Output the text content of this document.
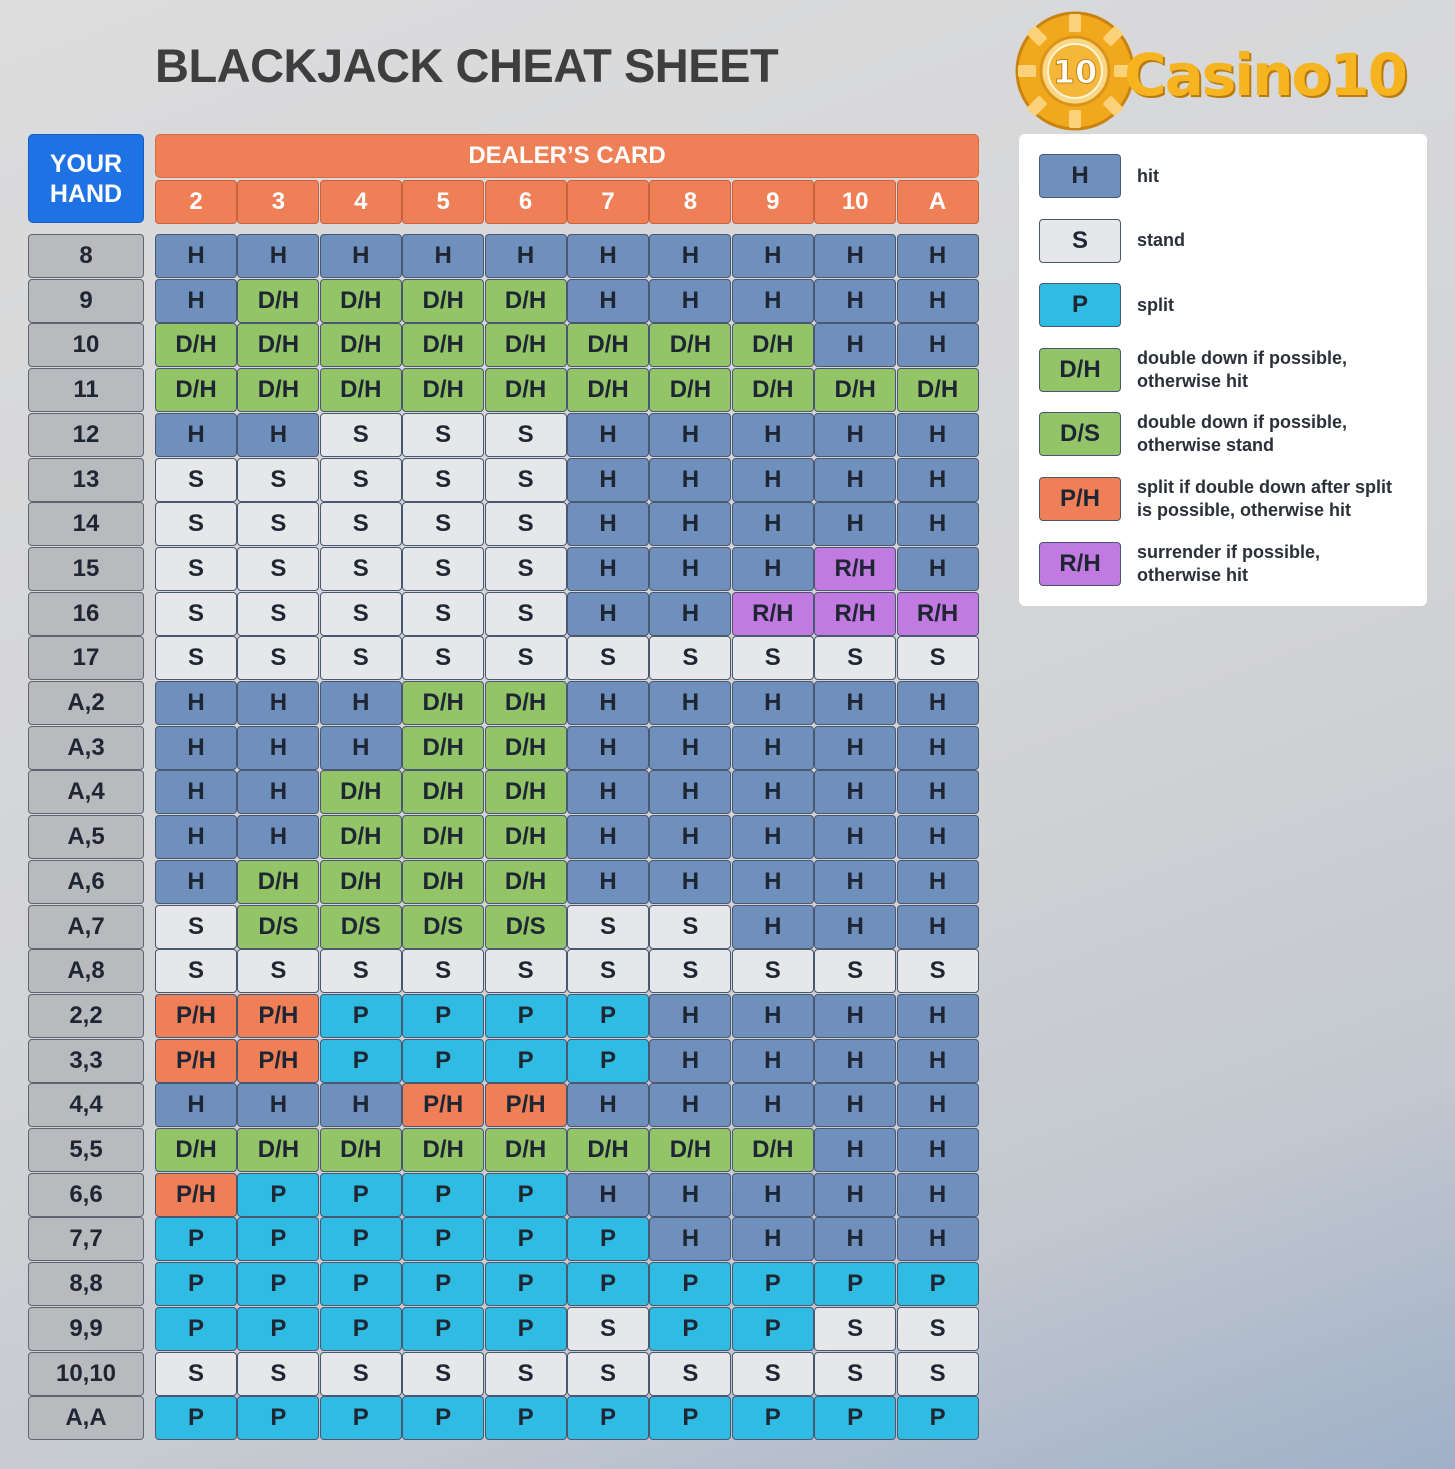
BLACKJACK CHEAT SHEET	10 Casino10
YOUR
HAND
DEALER’S CARD
2	3	4	5	6	7	8	9	10	A
8	H	H	H	H	H	H	H	H	H	H
9	H	D/H	D/H	D/H	D/H	H	H	H	H	H
10	D/H	D/H	D/H	D/H	D/H	D/H	D/H	D/H	H	H
11	D/H	D/H	D/H	D/H	D/H	D/H	D/H	D/H	D/H	D/H
12	H	H	S	S	S	H	H	H	H	H
13	S	S	S	S	S	H	H	H	H	H
14	S	S	S	S	S	H	H	H	H	H
15	S	S	S	S	S	H	H	H	R/H	H
16	S	S	S	S	S	H	H	R/H	R/H	R/H
17	S	S	S	S	S	S	S	S	S	S
A,2	H	H	H	D/H	D/H	H	H	H	H	H
A,3	H	H	H	D/H	D/H	H	H	H	H	H
A,4	H	H	D/H	D/H	D/H	H	H	H	H	H
A,5	H	H	D/H	D/H	D/H	H	H	H	H	H
A,6	H	D/H	D/H	D/H	D/H	H	H	H	H	H
A,7	S	D/S	D/S	D/S	D/S	S	S	H	H	H
A,8	S	S	S	S	S	S	S	S	S	S
2,2	P/H	P/H	P	P	P	P	H	H	H	H
3,3	P/H	P/H	P	P	P	P	H	H	H	H
4,4	H	H	H	P/H	P/H	H	H	H	H	H
5,5	D/H	D/H	D/H	D/H	D/H	D/H	D/H	D/H	H	H
6,6	P/H	P	P	P	P	H	H	H	H	H
7,7	P	P	P	P	P	P	H	H	H	H
8,8	P	P	P	P	P	P	P	P	P	P
9,9	P	P	P	P	P	S	P	P	S	S
10,10	S	S	S	S	S	S	S	S	S	S
A,A	P	P	P	P	P	P	P	P	P	P
H	hit
S	stand
P	split
D/H	double down if possible,
otherwise hit
D/S	double down if possible,
otherwise stand
P/H	split if double down after split
is possible, otherwise hit
R/H	surrender if possible,
otherwise hit
